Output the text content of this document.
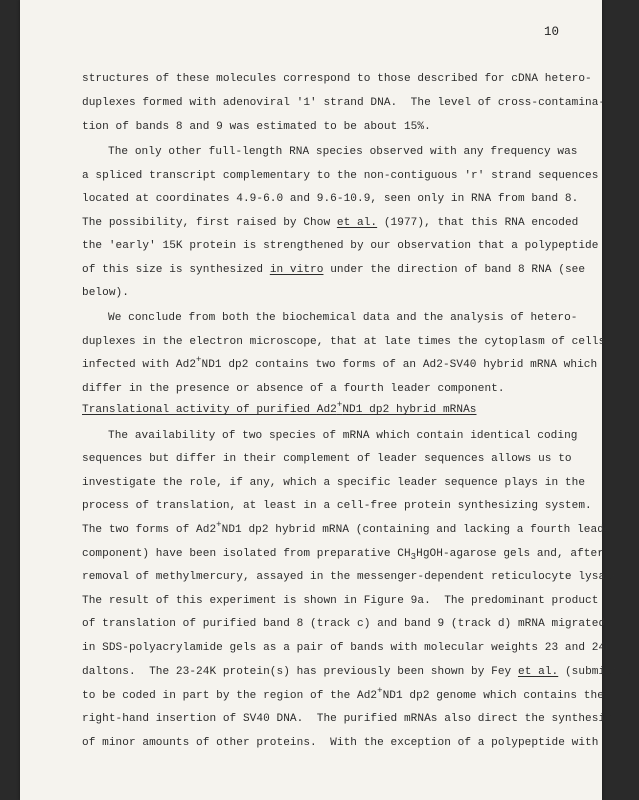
10
structures of these molecules correspond to those described for cDNA hetero-
duplexes formed with adenoviral '1' strand DNA.  The level of cross-contamina-
tion of bands 8 and 9 was estimated to be about 15%.
The only other full-length RNA species observed with any frequency was
a spliced transcript complementary to the non-contiguous 'r' strand sequences
located at coordinates 4.9-6.0 and 9.6-10.9, seen only in RNA from band 8.
The possibility, first raised by Chow et al. (1977), that this RNA encoded
the 'early' 15K protein is strengthened by our observation that a polypeptide
of this size is synthesized in vitro under the direction of band 8 RNA (see
below).
We conclude from both the biochemical data and the analysis of hetero-
duplexes in the electron microscope, that at late times the cytoplasm of cells
infected with Ad2+ND1 dp2 contains two forms of an Ad2-SV40 hybrid mRNA which
differ in the presence or absence of a fourth leader component.
Translational activity of purified Ad2+ND1 dp2 hybrid mRNAs
The availability of two species of mRNA which contain identical coding
sequences but differ in their complement of leader sequences allows us to
investigate the role, if any, which a specific leader sequence plays in the
process of translation, at least in a cell-free protein synthesizing system.
The two forms of Ad2+ND1 dp2 hybrid mRNA (containing and lacking a fourth leader
component) have been isolated from preparative $CH_3HgOH$-agarose gels and, after
removal of methylmercury, assayed in the messenger-dependent reticulocyte lysate.
The result of this experiment is shown in Figure 9a.  The predominant product
of translation of purified band 8 (track c) and band 9 (track d) mRNA migrated
in SDS-polyacrylamide gels as a pair of bands with molecular weights 23 and 24K
daltons.  The 23-24K protein(s) has previously been shown by Fey et al. (submitted)
to be coded in part by the region of the Ad2+ND1 dp2 genome which contains the
right-hand insertion of SV40 DNA.  The purified mRNAs also direct the synthesis
of minor amounts of other proteins.  With the exception of a polypeptide with
